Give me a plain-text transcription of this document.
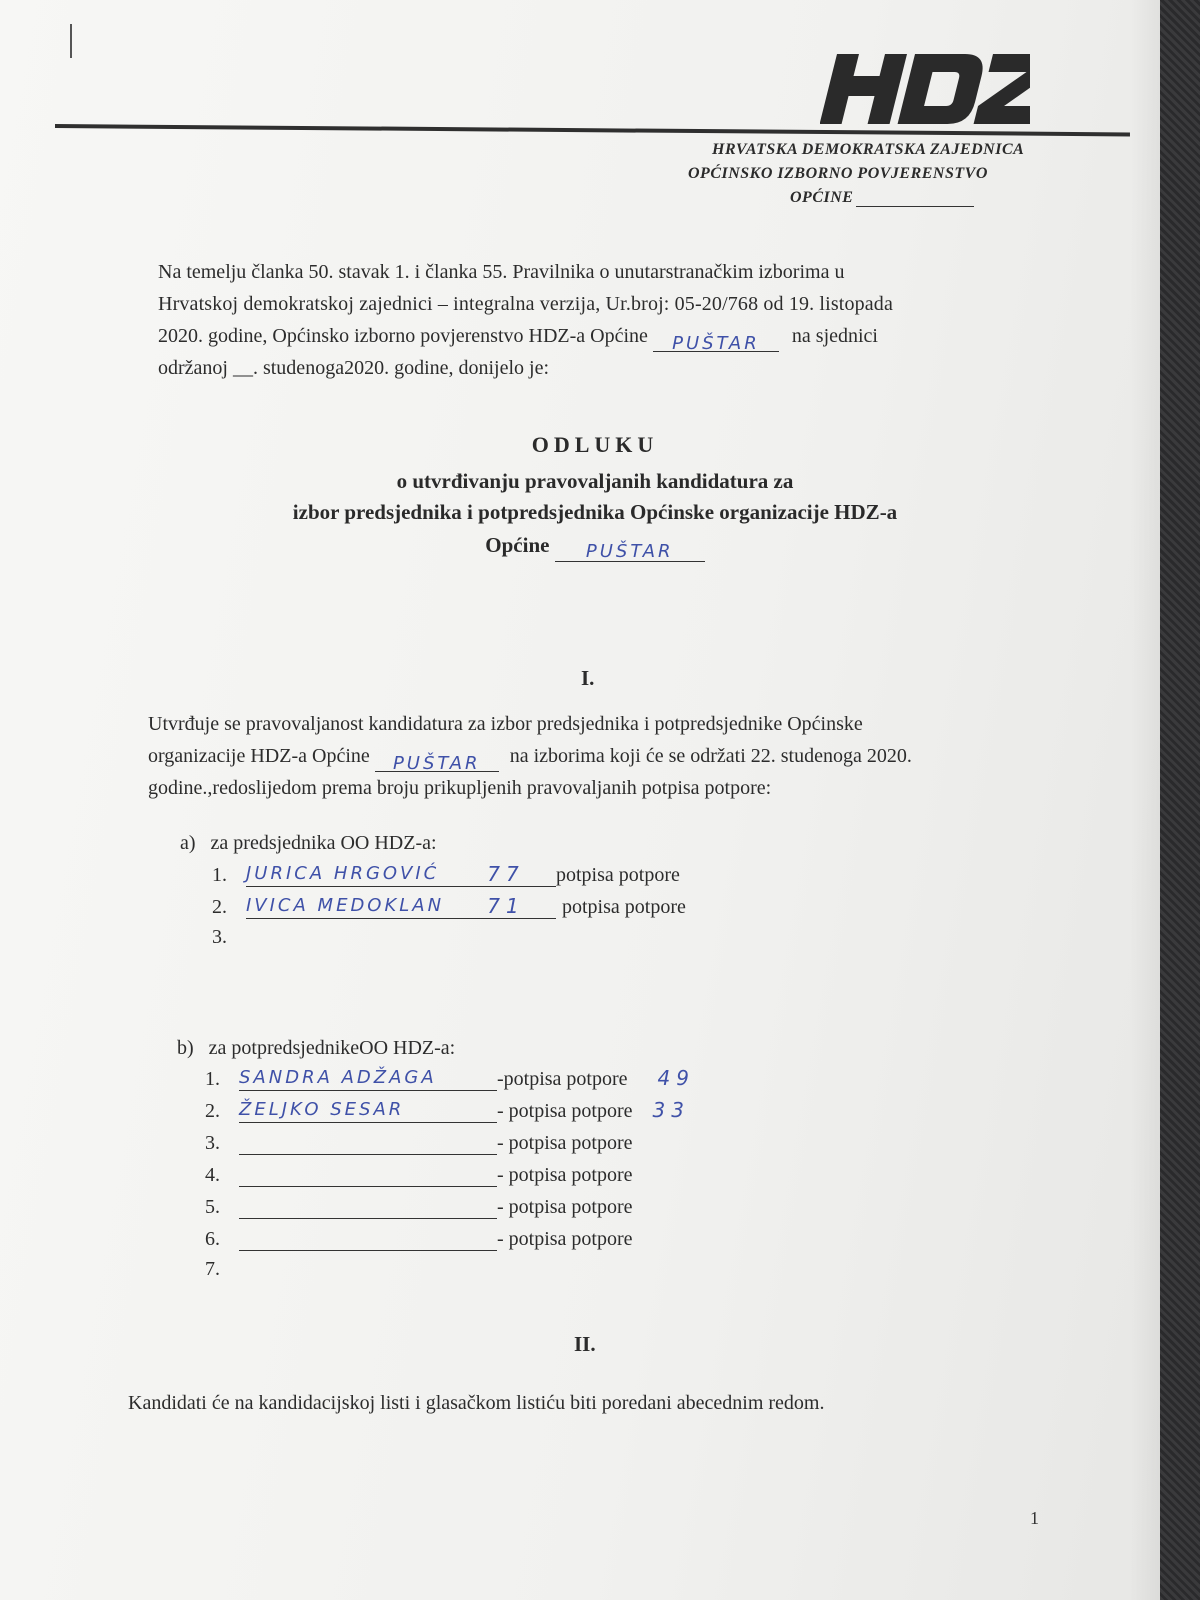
HRVATSKA DEMOKRATSKA ZAJEDNICA
OPĆINSKO IZBORNO POVJERENSTVO
OPĆINE
Na temelju članka 50. stavak 1. i članka 55. Pravilnika o unutarstranačkim izborima u
Hrvatskoj demokratskoj zajednici – integralna verzija, Ur.broj: 05-20/768 od 19. listopada
2020. godine, Općinsko izborno povjerenstvo HDZ-a Općine PUŠTAR na sjednici
održanoj __. studenoga2020. godine, donijelo je:
ODLUKU
o utvrđivanju pravovaljanih kandidatura za
izbor predsjednika i potpredsjednika Općinske organizacije HDZ-a
Općine PUŠTAR
I.
Utvrđuje se pravovaljanost kandidatura za izbor predsjednika i potpredsjednike Općinske
organizacije HDZ-a Općine PUŠTAR na izborima koji će se održati 22. studenoga 2020.
godine.,redoslijedom prema broju prikupljenih pravovaljanih potpisa potpore:
a)   za predsjednika OO HDZ-a:
1. JURICA HRGOVIĆ 77 potpisa potpore
2. IVICA MEDOKLAN 71 potpisa potpore
3.
b)   za potpredsjednikeOO HDZ-a:
1. SANDRA ADŽAGA	-potpisa potpore 49
2. ŽELJKO SESAR	- potpisa potpore 33
3.	- potpisa potpore
4.	- potpisa potpore
5.	- potpisa potpore
6.	- potpisa potpore
7.
II.
Kandidati će na kandidacijskoj listi i glasačkom listiću biti poredani abecednim redom.
1
